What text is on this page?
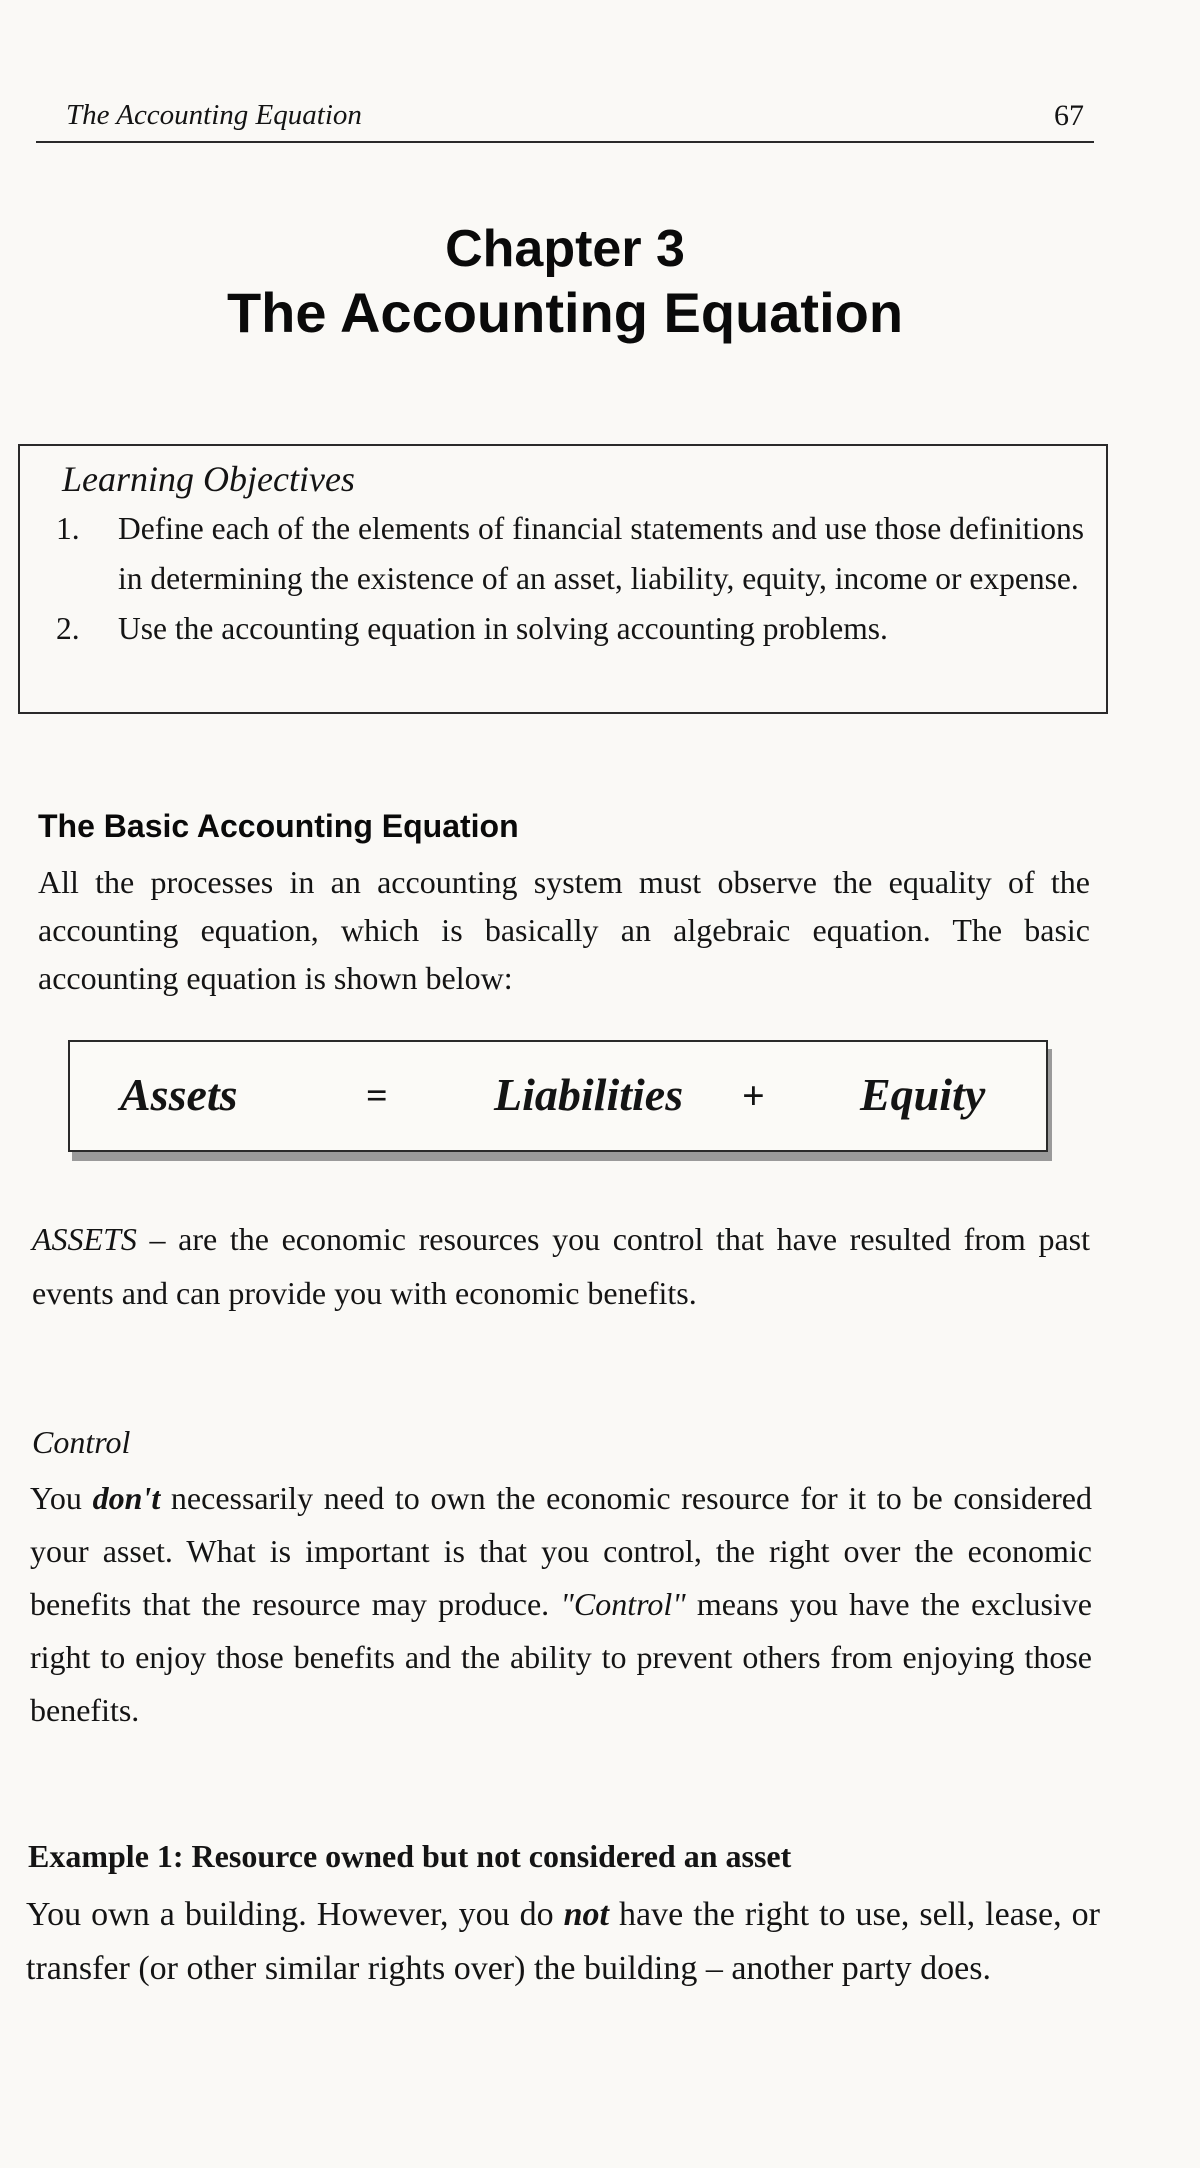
The Accounting Equation	67
Chapter 3
The Accounting Equation
Learning Objectives
1. Define each of the elements of financial statements and use those definitions in determining the existence of an asset, liability, equity, income or expense.
2. Use the accounting equation in solving accounting problems.
The Basic Accounting Equation
All the processes in an accounting system must observe the equality of the accounting equation, which is basically an algebraic equation. The basic accounting equation is shown below:
Assets	= Liabilities + Equity
ASSETS – are the economic resources you control that have resulted from past events and can provide you with economic benefits.
Control
You don't necessarily need to own the economic resource for it to be considered your asset. What is important is that you control, the right over the economic benefits that the resource may produce. "Control" means you have the exclusive right to enjoy those benefits and the ability to prevent others from enjoying those benefits.
Example 1: Resource owned but not considered an asset
You own a building. However, you do not have the right to use, sell, lease, or transfer (or other similar rights over) the building – another party does.
